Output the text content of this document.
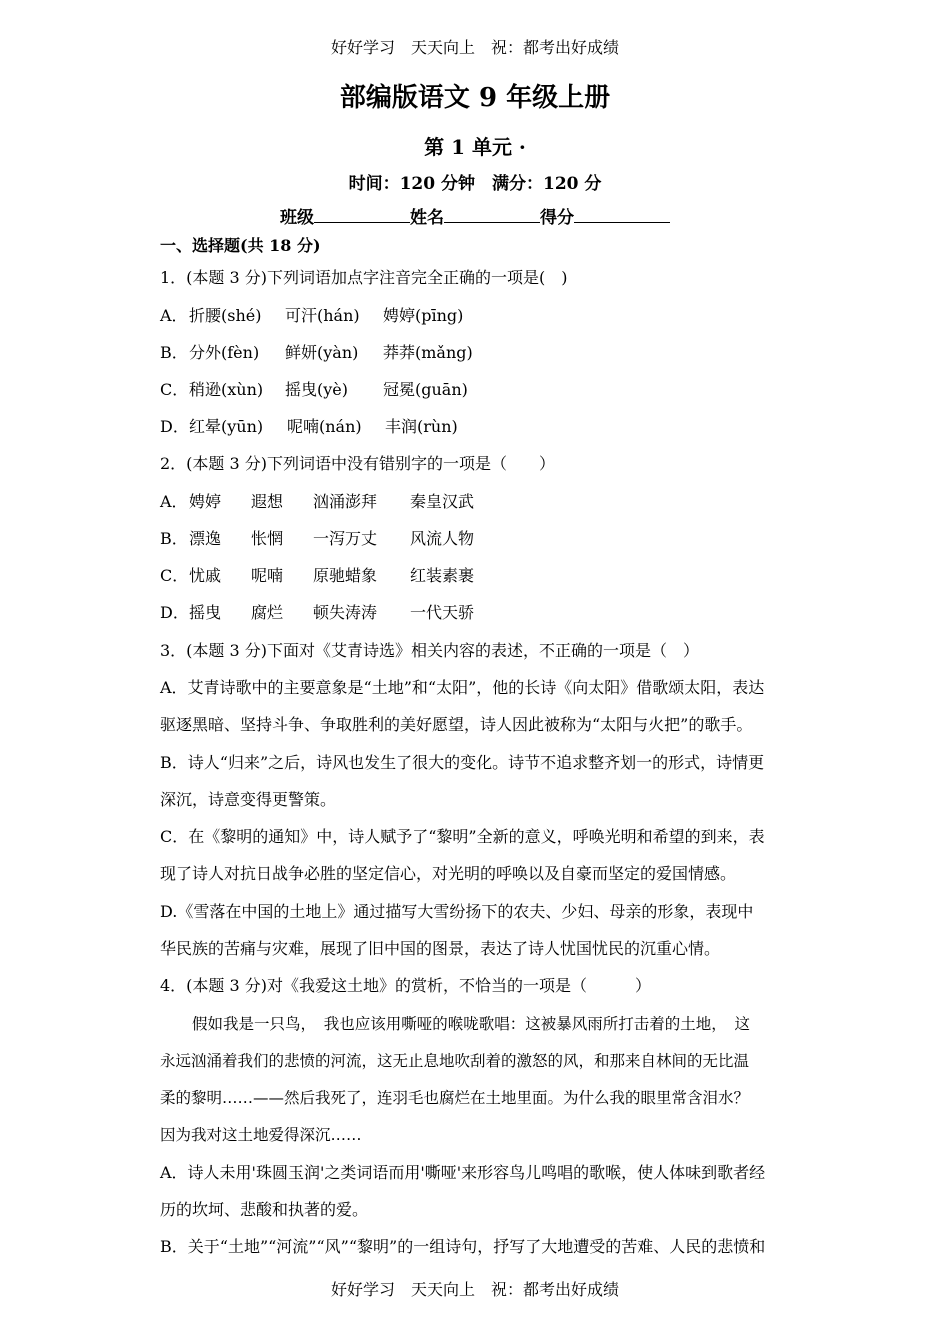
好好学习　天天向上　祝：都考出好成绩
部编版语文 9 年级上册
第 1 单元 ·
时间：120 分钟　满分：120 分
班级	姓名	得分
一、选择题(共 18 分)
1．(本题 3 分)下列词语加点字注音完全正确的一项是(　)
A．折腰(shé) 可汗(hán) 娉婷(pīng)
B．分外(fèn) 鲜妍(yàn) 莽莽(mǎng)
C．稍逊(xùn) 摇曳(yè) 冠冕(guān)
D．红晕(yūn) 呢喃(nán) 丰润(rùn)
2．(本题 3 分)下列词语中没有错别字的一项是（　　）
A．娉婷 遐想 汹涌澎拜 秦皇汉武
B．漂逸 怅惘 一泻万丈 风流人物
C．忧戚 呢喃 原驰蜡象 红装素裹
D．摇曳 腐烂 顿失涛涛 一代天骄
3．(本题 3 分)下面对《艾青诗选》相关内容的表述，不正确的一项是（　）
A．艾青诗歌中的主要意象是“土地”和“太阳”，他的长诗《向太阳》借歌颂太阳，表达
驱逐黑暗、坚持斗争、争取胜利的美好愿望，诗人因此被称为“太阳与火把”的歌手。
B．诗人“归来”之后，诗风也发生了很大的变化。诗节不追求整齐划一的形式，诗情更
深沉，诗意变得更警策。
C．在《黎明的通知》中，诗人赋予了“黎明”全新的意义，呼唤光明和希望的到来，表
现了诗人对抗日战争必胜的坚定信心，对光明的呼唤以及自豪而坚定的爱国情感。
D.《雪落在中国的土地上》通过描写大雪纷扬下的农夫、少妇、母亲的形象，表现中
华民族的苦痛与灾难，展现了旧中国的图景，表达了诗人忧国忧民的沉重心情。
4．(本题 3 分)对《我爱这土地》的赏析，不恰当的一项是（　　　）
假如我是一只鸟，　我也应该用嘶哑的喉咙歌唱：这被暴风雨所打击着的土地，　这
永远汹涌着我们的悲愤的河流，这无止息地吹刮着的激怒的风，和那来自林间的无比温
柔的黎明……——然后我死了，连羽毛也腐烂在土地里面。为什么我的眼里常含泪水？
因为我对这土地爱得深沉……
A．诗人未用'珠圆玉润'之类词语而用'嘶哑'来形容鸟儿鸣唱的歌喉，使人体味到歌者经
历的坎坷、悲酸和执著的爱。
B．关于“土地”“河流”“风”“黎明”的一组诗句，抒写了大地遭受的苦难、人民的悲愤和
好好学习　天天向上　祝：都考出好成绩
